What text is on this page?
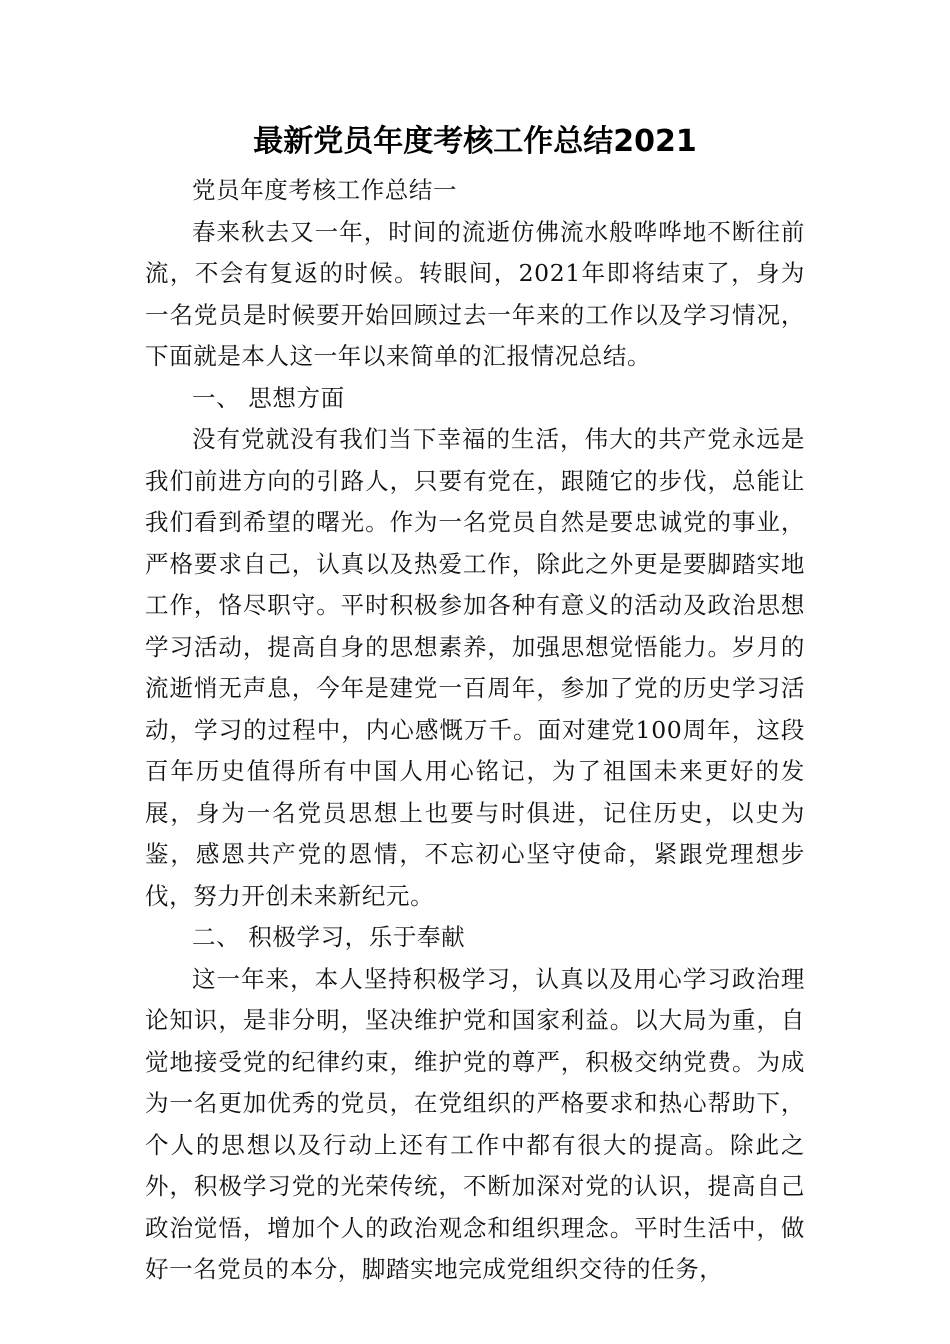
最新党员年度考核工作总结2021

党员年度考核工作总结一

春来秋去又一年，时间的流逝仿佛流水般哗哗地不断往前流，不会有复返的时候。转眼间，2021年即将结束了，身为一名党员是时候要开始回顾过去一年来的工作以及学习情况，下面就是本人这一年以来简单的汇报情况总结。

一、 思想方面

没有党就没有我们当下幸福的生活，伟大的共产党永远是我们前进方向的引路人，只要有党在，跟随它的步伐，总能让我们看到希望的曙光。作为一名党员自然是要忠诚党的事业，严格要求自己，认真以及热爱工作，除此之外更是要脚踏实地工作，恪尽职守。平时积极参加各种有意义的活动及政治思想学习活动，提高自身的思想素养，加强思想觉悟能力。岁月的流逝悄无声息，今年是建党一百周年，参加了党的历史学习活动，学习的过程中，内心感慨万千。面对建党100周年，这段百年历史值得所有中国人用心铭记，为了祖国未来更好的发展，身为一名党员思想上也要与时俱进，记住历史，以史为鉴，感恩共产党的恩情，不忘初心坚守使命，紧跟党理想步伐，努力开创未来新纪元。

二、 积极学习，乐于奉献

这一年来，本人坚持积极学习，认真以及用心学习政治理论知识，是非分明，坚决维护党和国家利益。以大局为重，自觉地接受党的纪律约束，维护党的尊严，积极交纳党费。为成为一名更加优秀的党员，在党组织的严格要求和热心帮助下，个人的思想以及行动上还有工作中都有很大的提高。除此之外，积极学习党的光荣传统，不断加深对党的认识，提高自己政治觉悟，增加个人的政治观念和组织理念。平时生活中，做好一名党员的本分，脚踏实地完成党组织交待的任务，
